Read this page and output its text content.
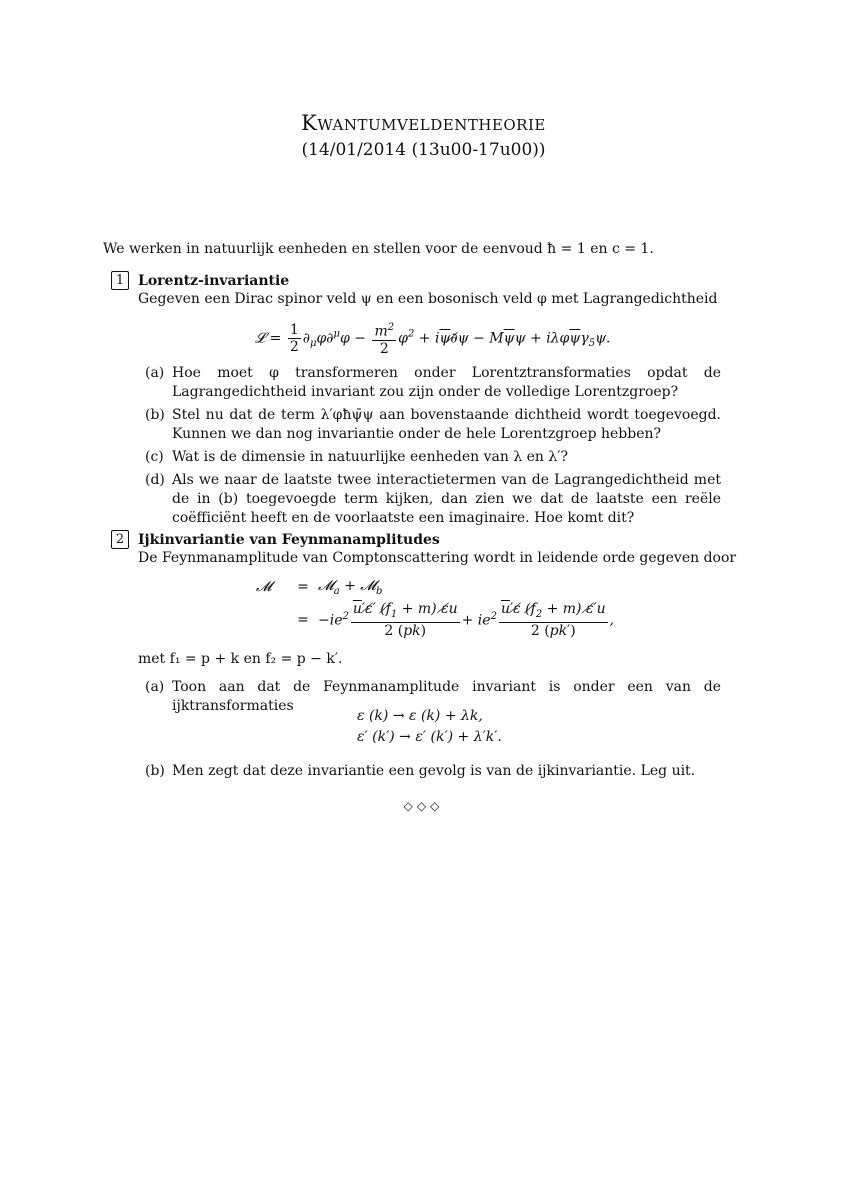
Kwantumveldentheorie
(14/01/2014 (13u00-17u00))
We werken in natuurlijk eenheden en stellen voor de eenvoud ħ = 1 en c = 1.
1 Lorentz-invariantie
Gegeven een Dirac spinor veld ψ en een bosonisch veld φ met Lagrangedichtheid
𝓛 = $\frac{1}{2} \partial_\mu\varphi\partial^\mu\varphi - \frac{m^2}{2} \varphi^2$ + $i\overline{\psi}\partial̸\psi - M\overline{\psi}\psi + i\lambda\varphi\overline{\psi}\gamma_5\psi$.
(a) Hoe moet φ transformeren onder Lorentztransformaties opdat de Lagrangedichtheid invariant zou zijn onder de volledige Lorentzgroep?
(b) Stel nu dat de term λ′φħψ̄ψ aan bovenstaande dichtheid wordt toegevoegd. Kunnen we dan nog invariantie onder de hele Lorentzgroep hebben?
(c) Wat is de dimensie in natuurlijke eenheden van λ en λ′?
(d) Als we naar de laatste twee interactietermen van de Lagrangedichtheid met de in (b) toegevoegde term kijken, dan zien we dat de laatste een reële coëfficiënt heeft en de voorlaatste een imaginaire. Hoe komt dit?
2 Ijkinvariantie van Feynmanamplitudes
De Feynmanamplitude van Comptonscattering wordt in leidende orde gegeven door
𝓜	= 𝓜$_a$ + 𝓜$_b$
= $-ie^2 \frac{\overline{u}'\varepsilon̸' (f̸_1 + m) \varepsilon̸u}{2 (pk)} + ie^2 \frac{\overline{u}'\varepsilon̸ (f̸_2 + m) \varepsilon̸'u}{2 (pk')}$ ,
met f₁ = p + k en f₂ = p − k′.
(a) Toon aan dat de Feynmanamplitude invariant is onder een van de ijktransformaties
ε (k) → ε (k) + λk,
ε′ (k′) → ε′ (k′) + λ′k′.
(b) Men zegt dat deze invariantie een gevolg is van de ijkinvariantie. Leg uit.
◇◇◇
